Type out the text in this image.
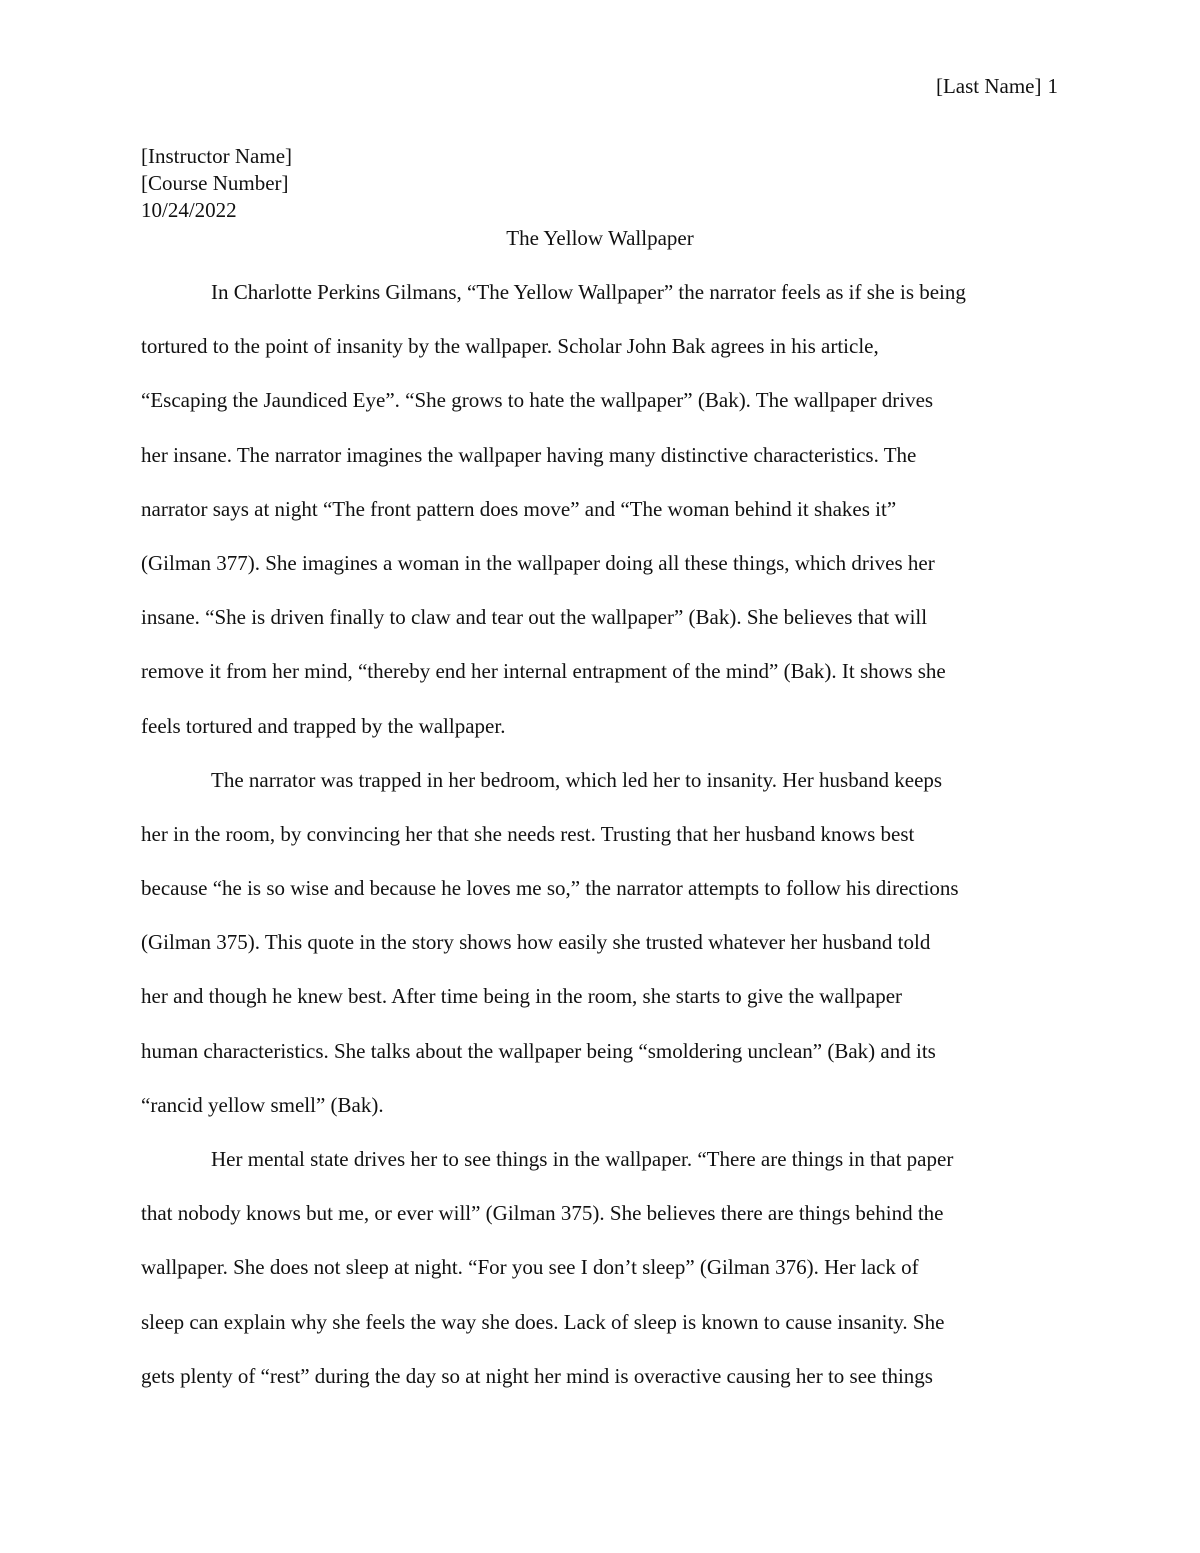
[Last Name] 1
[Instructor Name]
[Course Number]
10/24/2022
The Yellow Wallpaper
In Charlotte Perkins Gilmans, “The Yellow Wallpaper” the narrator feels as if she is being
tortured to the point of insanity by the wallpaper. Scholar John Bak agrees in his article,
“Escaping the Jaundiced Eye”. “She grows to hate the wallpaper” (Bak). The wallpaper drives
her insane. The narrator imagines the wallpaper having many distinctive characteristics. The
narrator says at night “The front pattern does move” and “The woman behind it shakes it”
(Gilman 377). She imagines a woman in the wallpaper doing all these things, which drives her
insane. “She is driven finally to claw and tear out the wallpaper” (Bak). She believes that will
remove it from her mind, “thereby end her internal entrapment of the mind” (Bak). It shows she
feels tortured and trapped by the wallpaper.
The narrator was trapped in her bedroom, which led her to insanity. Her husband keeps
her in the room, by convincing her that she needs rest. Trusting that her husband knows best
because “he is so wise and because he loves me so,” the narrator attempts to follow his directions
(Gilman 375). This quote in the story shows how easily she trusted whatever her husband told
her and though he knew best. After time being in the room, she starts to give the wallpaper
human characteristics. She talks about the wallpaper being “smoldering unclean” (Bak) and its
“rancid yellow smell” (Bak).
Her mental state drives her to see things in the wallpaper. “There are things in that paper
that nobody knows but me, or ever will” (Gilman 375). She believes there are things behind the
wallpaper. She does not sleep at night. “For you see I don’t sleep” (Gilman 376). Her lack of
sleep can explain why she feels the way she does. Lack of sleep is known to cause insanity. She
gets plenty of “rest” during the day so at night her mind is overactive causing her to see things
